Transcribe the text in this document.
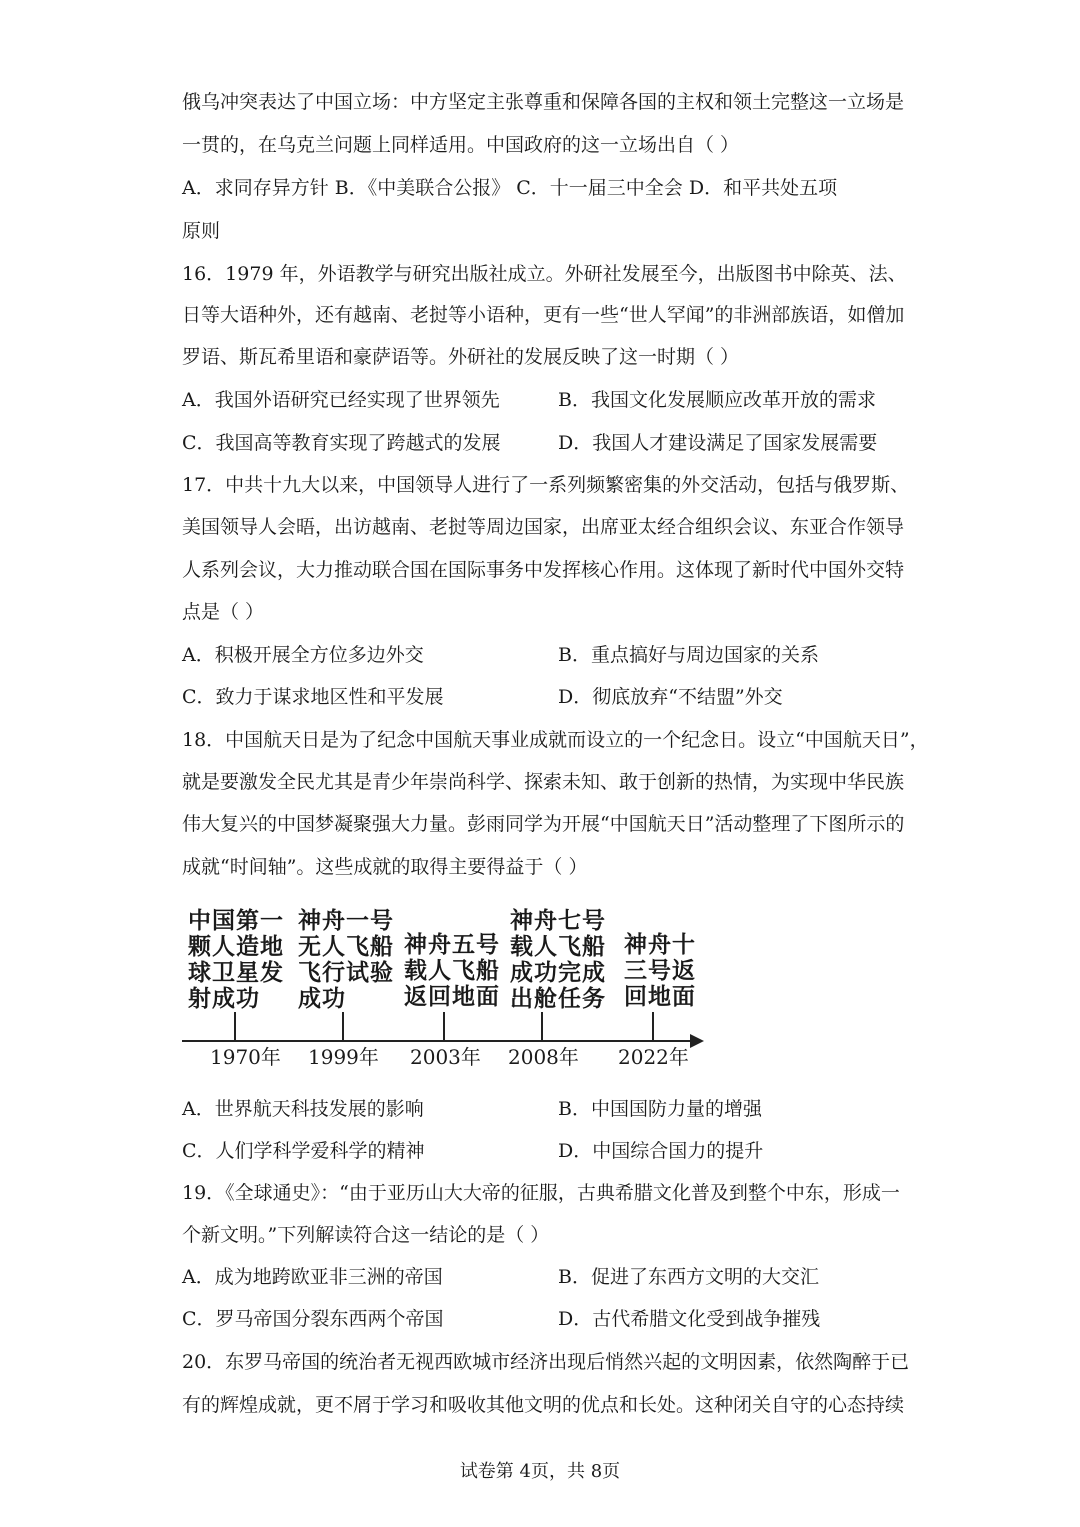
俄乌冲突表达了中国立场：中方坚定主张尊重和保障各国的主权和领土完整这一立场是
一贯的，在乌克兰问题上同样适用。中国政府的这一立场出自（ ）
A．求同存异方针 B．《中美联合公报》 C．十一届三中全会 D．和平共处五项
原则
16．1979 年，外语教学与研究出版社成立。外研社发展至今，出版图书中除英、法、
日等大语种外，还有越南、老挝等小语种，更有一些“世人罕闻”的非洲部族语，如僧加
罗语、斯瓦希里语和豪萨语等。外研社的发展反映了这一时期（ ）
A．我国外语研究已经实现了世界领先	B．我国文化发展顺应改革开放的需求
C．我国高等教育实现了跨越式的发展	D．我国人才建设满足了国家发展需要
17．中共十九大以来，中国领导人进行了一系列频繁密集的外交活动，包括与俄罗斯、
美国领导人会晤，出访越南、老挝等周边国家，出席亚太经合组织会议、东亚合作领导
人系列会议，大力推动联合国在国际事务中发挥核心作用。这体现了新时代中国外交特
点是（ ）
A．积极开展全方位多边外交	B．重点搞好与周边国家的关系
C．致力于谋求地区性和平发展	D．彻底放弃“不结盟”外交
18．中国航天日是为了纪念中国航天事业成就而设立的一个纪念日。设立“中国航天日”，
就是要激发全民尤其是青少年崇尚科学、探索未知、敢于创新的热情，为实现中华民族
伟大复兴的中国梦凝聚强大力量。彭雨同学为开展“中国航天日”活动整理了下图所示的
成就“时间轴”。这些成就的取得主要得益于（ ）
中国第一
颗人造地
球卫星发
射成功
1970年
神舟一号
无人飞船
飞行试验
成功
1999年
神舟五号
载人飞船
返回地面
2003年
神舟七号
载人飞船
成功完成
出舱任务
2008年
神舟十
三号返
回地面
2022年
A．世界航天科技发展的影响	B．中国国防力量的增强
C．人们学科学爱科学的精神	D．中国综合国力的提升
19．《全球通史》：“由于亚历山大大帝的征服，古典希腊文化普及到整个中东，形成一
个新文明。”下列解读符合这一结论的是（ ）
A．成为地跨欧亚非三洲的帝国	B．促进了东西方文明的大交汇
C．罗马帝国分裂东西两个帝国	D．古代希腊文化受到战争摧残
20．东罗马帝国的统治者无视西欧城市经济出现后悄然兴起的文明因素，依然陶醉于已
有的辉煌成就，更不屑于学习和吸收其他文明的优点和长处。这种闭关自守的心态持续
试卷第 4页，共 8页
